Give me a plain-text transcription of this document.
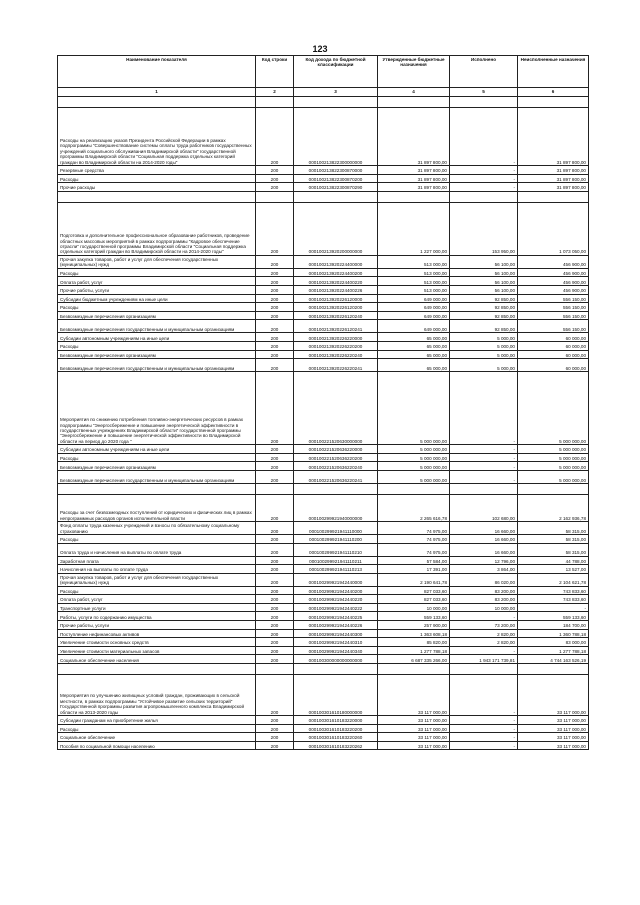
123
Наименование показателя	Код строки	Код дохода по бюджетной классификации	Утвержденные бюджетные назначения	Исполнено	Неисполненные назначения
1	2	3	4	5	6

Расходы на реализацию указов Президента Российской Федерации в рамках подпрограммы "Совершенствование системы оплаты труда работников государственных учреждений социального обслуживания Владимирской области" государственной программы Владимирской области "Социальная поддержка отдельных категорий граждан во Владимирской области на 2014-2020 годы"	200	000100213822300000000	31 897 800,00	-	31 897 800,00
Резервные средства	200	000100213822300870000	31 897 800,00	-	31 897 800,00
Расходы	200	000100213822300870200	31 897 800,00	-	31 897 800,00
Прочие расходы	200	000100213822300870290	31 897 800,00	-	31 897 800,00

Подготовка и дополнительное профессиональное образование работников, проведение областных массовых мероприятий в рамках подпрограммы "Кадровое обеспечение отрасли" государственной программы Владимирской области "Социальная поддержка отдельных категорий граждан во Владимирской области на 2014-2020 годы"	200	000100213920200000000	1 227 000,00	153 950,00	1 073 050,00
Прочая закупка товаров, работ и услуг для обеспечения государственных (муниципальных) нужд	200	000100213920224400000	513 000,00	56 100,00	456 900,00
Расходы	200	000100213920224400200	513 000,00	56 100,00	456 900,00
Оплата работ, услуг	200	000100213920224400220	513 000,00	56 100,00	456 900,00
Прочие работы, услуги	200	000100213920224400226	513 000,00	56 100,00	456 900,00
Субсидии бюджетным учреждениям на иные цели	200	000100213920226120000	649 000,00	92 850,00	556 150,00
Расходы	200	000100213920226120200	649 000,00	92 850,00	556 150,00
Безвозмездные перечисления организациям	200	000100213920226120240	649 000,00	92 850,00	556 150,00
Безвозмездные перечисления государственным и муниципальным организациям	200	000100213920226120241	649 000,00	92 850,00	556 150,00
Субсидии автономным учреждениям на иные цели	200	000100213920226220000	65 000,00	5 000,00	60 000,00
Расходы	200	000100213920226220200	65 000,00	5 000,00	60 000,00
Безвозмездные перечисления организациям	200	000100213920226220240	65 000,00	5 000,00	60 000,00
Безвозмездные перечисления государственным и муниципальным организациям	200	000100213920226220241	65 000,00	5 000,00	60 000,00
Мероприятия по снижению потребления топливно-энергетических ресурсов в рамках подпрограммы "Энергосбережение и повышение энергетической эффективности в государственных учреждениях Владимирской области" государственной программы "Энергосбережение и повышение энергетической эффективности во Владимирской области на период до 2020 года "	200	000100221520630000000	5 000 000,00	-	5 000 000,00
Субсидии автономным учреждениям на иные цели	200	000100221520636220000	5 000 000,00	-	5 000 000,00
Расходы	200	000100221520636220200	5 000 000,00	-	5 000 000,00
Безвозмездные перечисления организациям	200	000100221520636220240	5 000 000,00	-	5 000 000,00
Безвозмездные перечисления государственным и муниципальным организациям	200	000100221520636220241	5 000 000,00	-	5 000 000,00

Расходы за счет безвозмездных поступлений от юридических и физических лиц в рамках непрограммных расходов органов исполнительной власти	200	000100299921940000000	2 265 616,78	102 680,00	2 162 936,78
Фонд оплаты труда казенных учреждений и взносы по обязательному социальному страхованию	200	000100299921941110000	74 975,00	16 660,00	58 315,00
Расходы	200	000100299921941110200	74 975,00	16 660,00	58 315,00
Оплата труда и начисления на выплаты по оплате труда	200	000100299921941110210	74 975,00	16 660,00	58 315,00
Заработная плата	200	000100299921941110211	57 584,00	12 796,00	44 788,00
Начисления на выплаты по оплате труда	200	000100299921941110213	17 391,00	3 864,00	13 527,00
Прочая закупка товаров, работ и услуг для обеспечения государственных (муниципальных) нужд	200	000100299921942440000	2 190 641,78	86 020,00	2 104 621,78
Расходы	200	000100299921942440200	827 033,60	83 200,00	743 833,60
Оплата работ, услуг	200	000100299921942440220	827 033,60	83 200,00	743 833,60
Транспортные услуги	200	000100299921942440222	10 000,00	10 000,00	-
Работы, услуги по содержанию имущества	200	000100299921942440225	559 133,60	-	559 133,60
Прочие работы, услуги	200	000100299921942440226	257 900,00	73 200,00	184 700,00
Поступление нефинансовых активов	200	000100299921942440300	1 363 608,18	2 820,00	1 360 788,18
Увеличение стоимости основных средств	200	000100299921942440310	85 820,00	2 820,00	83 000,00
Увеличение стоимости материальных запасов	200	000100299921942440340	1 277 788,18	-	1 277 788,18
Социальное обеспечение населения	200	000100300000000000000	6 687 335 266,00	1 943 171 739,81	4 744 163 526,19

Мероприятия по улучшению жилищных условий граждан, проживающих в сельской местности, в рамках подпрограммы "Устойчивое развитие сельских территорий" Государственной программы развития агропромышленного комплекса Владимирской области на 2013-2020 годы	200	000100301610180000000	33 117 000,00	-	33 117 000,00
Субсидии гражданам на приобретение жилья	200	000100301610183220000	33 117 000,00	-	33 117 000,00
Расходы	200	000100301610183220200	33 117 000,00	-	33 117 000,00
Социальное обеспечение	200	000100301610183220260	33 117 000,00	-	33 117 000,00
Пособия по социальной помощи населению	200	000100301610183220262	33 117 000,00	-	33 117 000,00
